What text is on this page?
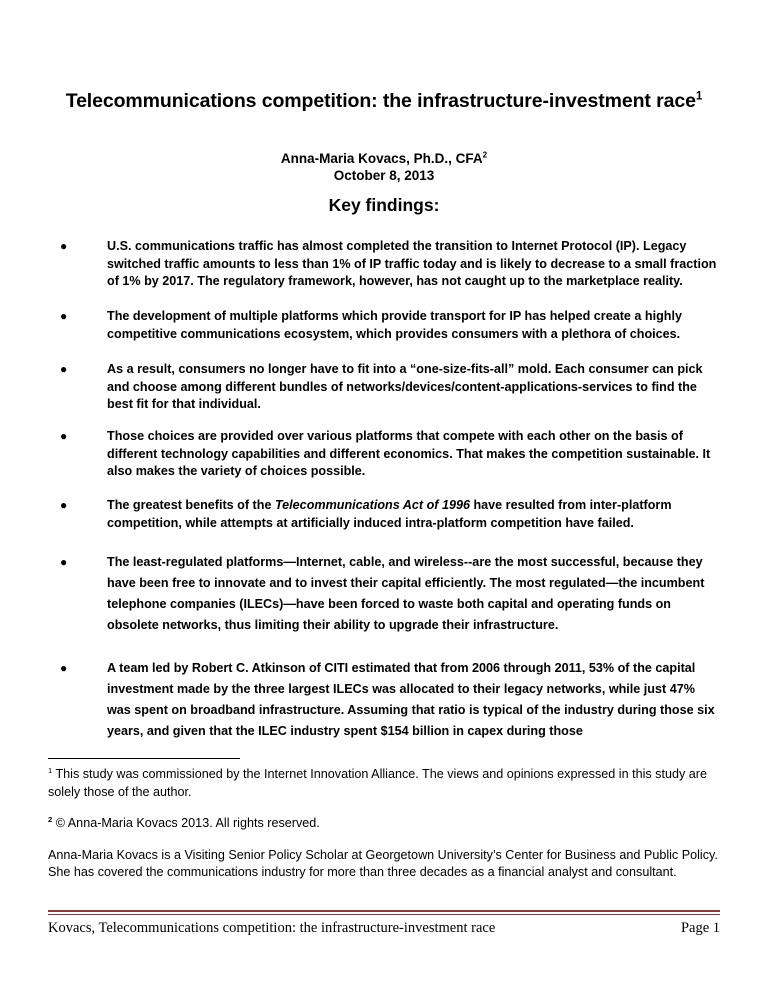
Telecommunications competition: the infrastructure-investment race$^1$
Anna-Maria Kovacs, Ph.D., CFA$^2$
October 8, 2013
Key findings:
●	U.S. communications traffic has almost completed the transition to Internet Protocol (IP). Legacy switched traffic amounts to less than 1% of IP traffic today and is likely to decrease to a small fraction of 1% by 2017. The regulatory framework, however, has not caught up to the marketplace reality.
●	The development of multiple platforms which provide transport for IP has helped create a highly competitive communications ecosystem, which provides consumers with a plethora of choices.
●	As a result, consumers no longer have to fit into a “one-size-fits-all” mold. Each consumer can pick and choose among different bundles of networks/devices/content-applications-services to find the best fit for that individual.
●	Those choices are provided over various platforms that compete with each other on the basis of different technology capabilities and different economics. That makes the competition sustainable. It also makes the variety of choices possible.
●	The greatest benefits of the Telecommunications Act of 1996 have resulted from inter-platform competition, while attempts at artificially induced intra-platform competition have failed.
●	The least-regulated platforms—Internet, cable, and wireless--are the most successful, because they have been free to innovate and to invest their capital efficiently. The most regulated—the incumbent telephone companies (ILECs)—have been forced to waste both capital and operating funds on obsolete networks, thus limiting their ability to upgrade their infrastructure.
●	A team led by Robert C. Atkinson of CITI estimated that from 2006 through 2011, 53% of the capital investment made by the three largest ILECs was allocated to their legacy networks, while just 47% was spent on broadband infrastructure. Assuming that ratio is typical of the industry during those six years, and given that the ILEC industry spent $154 billion in capex during those

$^1$ This study was commissioned by the Internet Innovation Alliance. The views and opinions expressed in this study are solely those of the author.

$^2$ © Anna-Maria Kovacs 2013. All rights reserved.

Anna-Maria Kovacs is a Visiting Senior Policy Scholar at Georgetown University’s Center for Business and Public Policy. She has covered the communications industry for more than three decades as a financial analyst and consultant.

Kovacs, Telecommunications competition: the infrastructure-investment race	Page 1
